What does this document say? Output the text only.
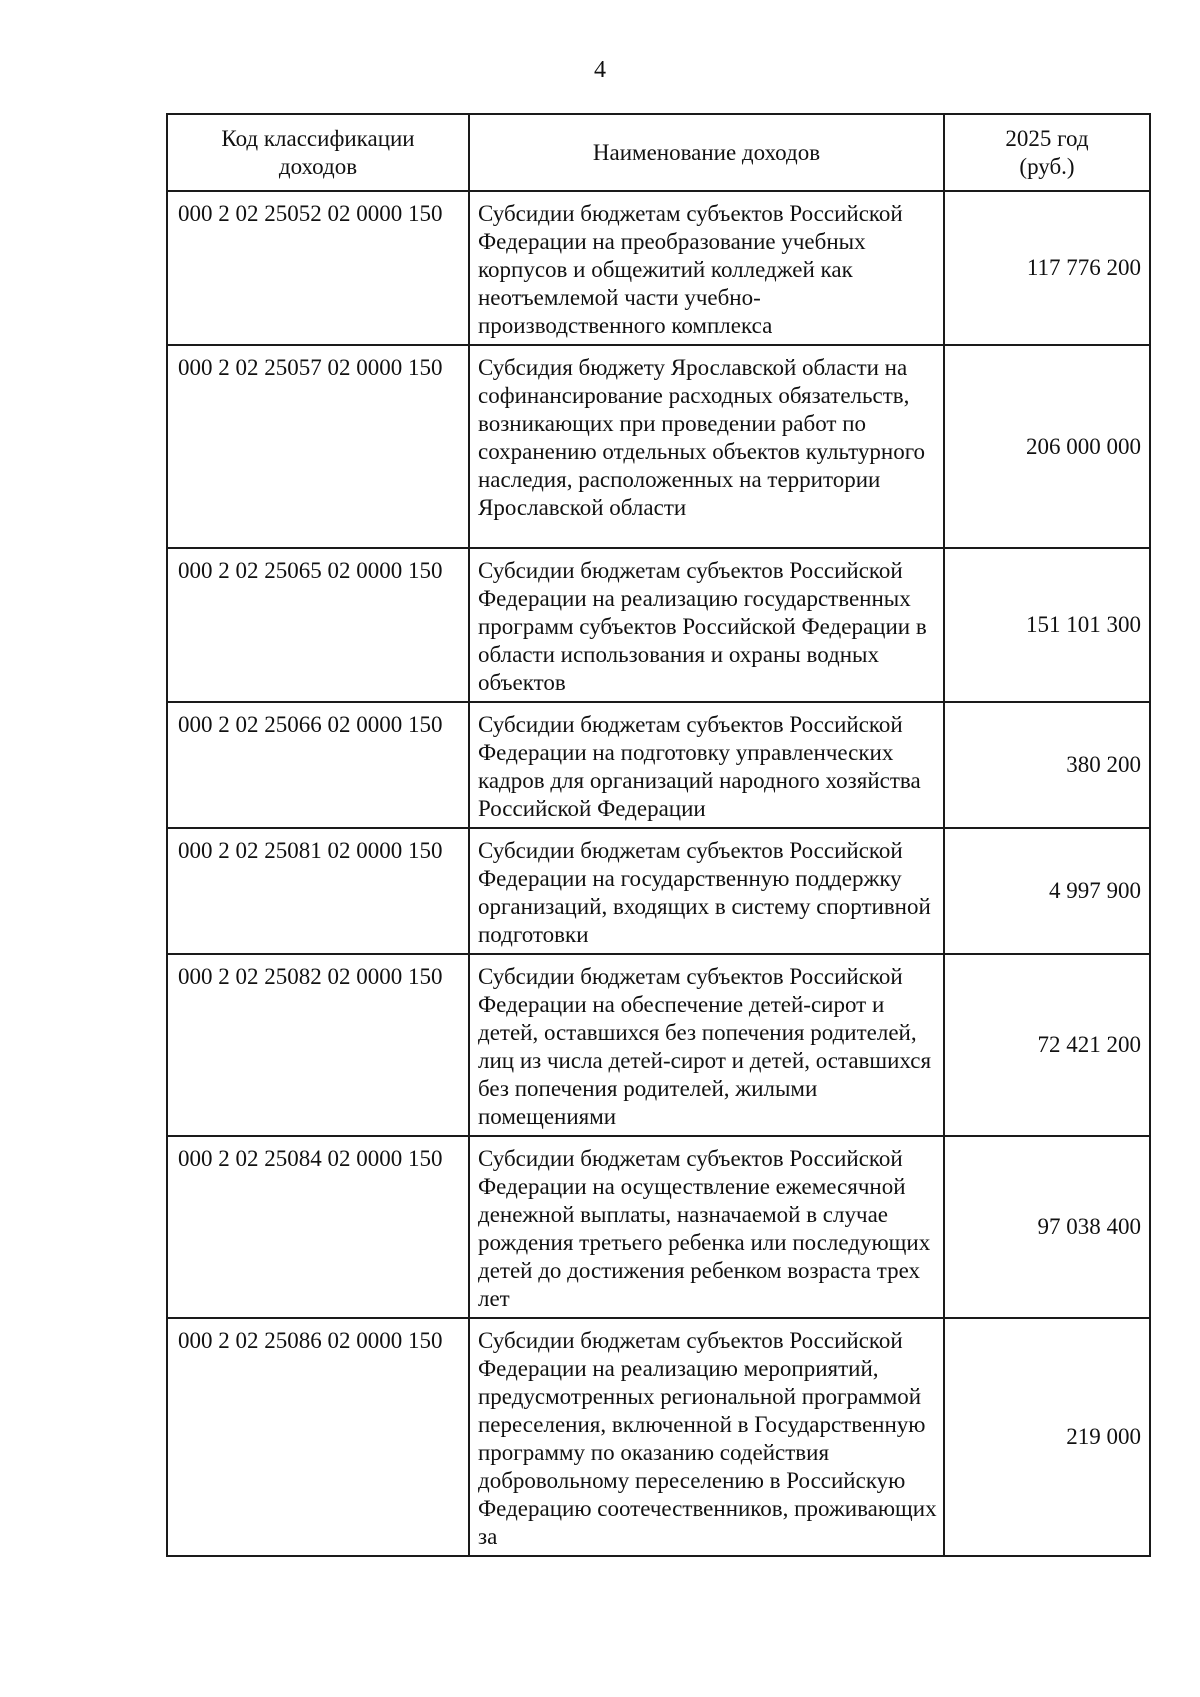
4
Код классификации доходов	Наименование доходов	2025 год (руб.)
000 2 02 25052 02 0000 150	Субсидии бюджетам субъектов Российской Федерации на преобразование учебных корпусов и общежитий колледжей как неотъемлемой части учебно-производственного комплекса	117 776 200
000 2 02 25057 02 0000 150	Субсидия бюджету Ярославской области на софинансирование расходных обязательств, возникающих при проведении работ по сохранению отдельных объектов культурного наследия, расположенных на территории Ярославской области	206 000 000
000 2 02 25065 02 0000 150	Субсидии бюджетам субъектов Российской Федерации на реализацию государственных программ субъектов Российской Федерации в области использования и охраны водных объектов	151 101 300
000 2 02 25066 02 0000 150	Субсидии бюджетам субъектов Российской Федерации на подготовку управленческих кадров для организаций народного хозяйства Российской Федерации	380 200
000 2 02 25081 02 0000 150	Субсидии бюджетам субъектов Российской Федерации на государственную поддержку организаций, входящих в систему спортивной подготовки	4 997 900
000 2 02 25082 02 0000 150	Субсидии бюджетам субъектов Российской Федерации на обеспечение детей-сирот и детей, оставшихся без попечения родителей, лиц из числа детей-сирот и детей, оставшихся без попечения родителей, жилыми помещениями	72 421 200
000 2 02 25084 02 0000 150	Субсидии бюджетам субъектов Российской Федерации на осуществление ежемесячной денежной выплаты, назначаемой в случае рождения третьего ребенка или последующих детей до достижения ребенком возраста трех лет	97 038 400
000 2 02 25086 02 0000 150	Субсидии бюджетам субъектов Российской Федерации на реализацию мероприятий, предусмотренных региональной программой переселения, включенной в Государственную программу по оказанию содействия добровольному переселению в Российскую Федерацию соотечественников, проживающих за	219 000
